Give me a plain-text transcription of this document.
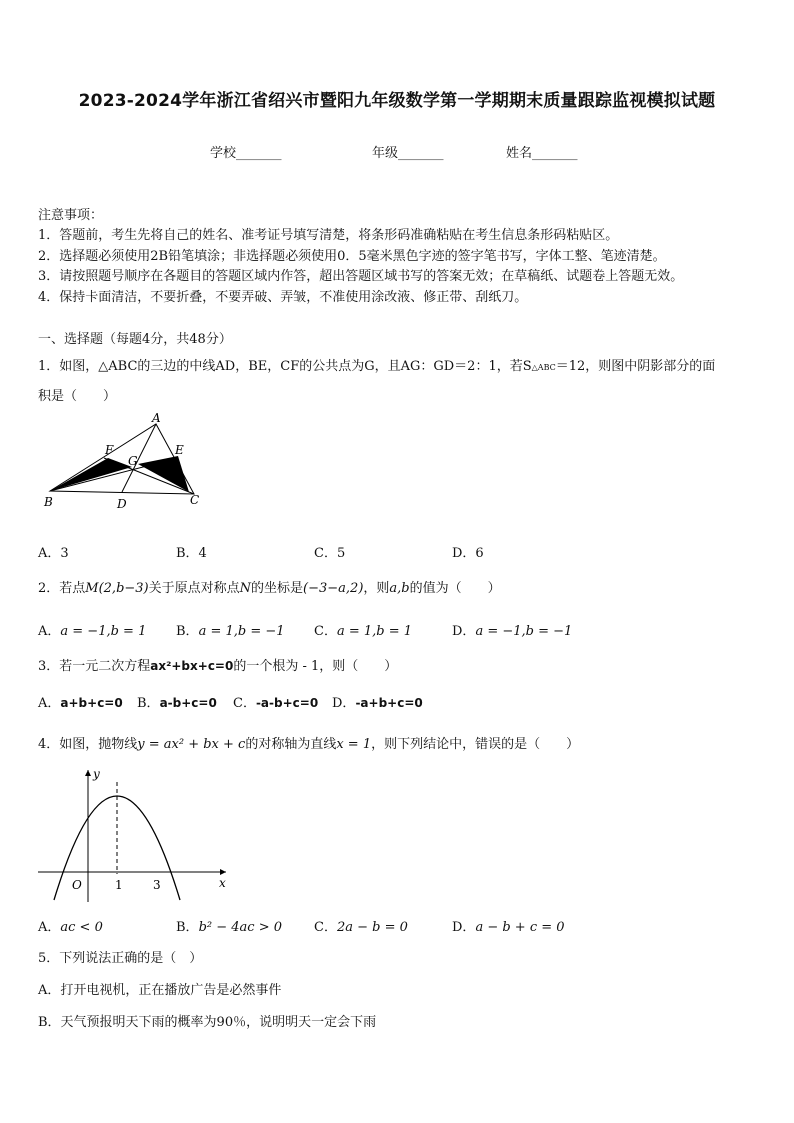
2023-2024学年浙江省绍兴市暨阳九年级数学第一学期期末质量跟踪监视模拟试题
学校_______	年级_______	姓名_______
注意事项：
1．答题前，考生先将自己的姓名、准考证号填写清楚，将条形码准确粘贴在考生信息条形码粘贴区。
2．选择题必须使用2B铅笔填涂；非选择题必须使用0．5毫米黑色字迹的签字笔书写，字体工整、笔迹清楚。
3．请按照题号顺序在各题目的答题区域内作答，超出答题区域书写的答案无效；在草稿纸、试题卷上答题无效。
4．保持卡面清洁，不要折叠，不要弄破、弄皱，不准使用涂改液、修正带、刮纸刀。
一、选择题（每题4分，共48分）
1．如图，△ABC的三边的中线AD，BE，CF的公共点为G，且AG：GD＝2：1，若S△ABC＝12，则图中阴影部分的面
积是（　　）
A
B	C
D
E
F
G
A．3	B．4	C．5	D．6
2．若点M(2,b−3)关于原点对称点N的坐标是(−3−a,2)，则a,b的值为（　　）
A．a = −1,b = 1 B．a = 1,b = −1 C．a = 1,b = 1	D．a = −1,b = −1
3．若一元二次方程ax²+bx+c=0的一个根为 - 1，则（　　）
A．a+b+c=0 B．a-b+c=0 C．-a-b+c=0 D．-a+b+c=0
4．如图，抛物线y = ax² + bx + c的对称轴为直线x = 1，则下列结论中，错误的是（　　）
y
x
O	1	3
A．ac < 0	B．b² − 4ac > 0 C．2a − b = 0	D．a − b + c = 0
5．下列说法正确的是（　）
A．打开电视机，正在播放广告是必然事件
B．天气预报明天下雨的概率为90％，说明明天一定会下雨
